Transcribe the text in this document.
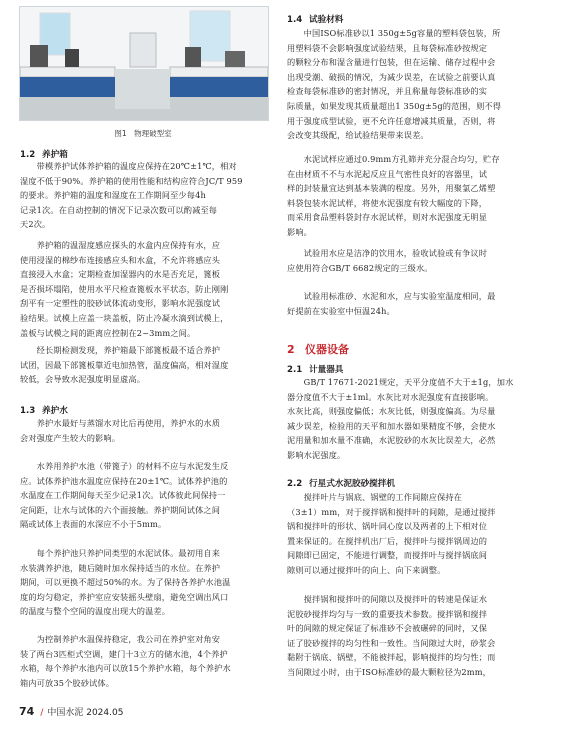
图1　物理破型室
1.2 养护箱
　　带模养护试体养护箱的温度应保持在20℃±1℃，相对
湿度不低于90%。养护箱的使用性能和结构应符合JC/T 959
的要求。养护箱的温度和湿度在工作期间至少每4h
记录1次。在自动控制的情况下记录次数可以酌减至每
天2次。
　　养护箱的温湿度感应探头的水盒内应保持有水，应
使用浸湿的棉纱布连接感应头和水盒，不允许将感应头
直接浸入水盒；定期检查加湿器内的水是否充足，篦板
是否损坏塌陷，使用水平尺检查篦板水平状态，防止刚刚
刮平有一定塑性的胶砂试体流动变形，影响水泥强度试
验结果。试模上应盖一块盖板，防止冷凝水滴到试模上，
盖板与试模之间的距离应控制在2~3mm之间。
　　经长期检测发现，养护箱最下部篦板最不适合养护
试团，因最下部篦板靠近电加热管，温度偏高，相对湿度
较低，会导致水泥强度明显虚高。
1.3 养护水
　　养护水最好与蒸馏水对比后再使用，养护水的水质
会对强度产生较大的影响。
　　水养用养护水池（带篦子）的材料不应与水泥发生反
应。试体养护池水温度应保持在20±1℃。试体养护池的
水温度在工作期间每天至少记录1次。试体彼此间保持一
定间距，让水与试体的六个面接触。养护期间试体之间
隔或试体上表面的水深应不小于5mm。
　　每个养护池只养护同类型的水泥试体。最初用自来
水装满养护池，随后随时加水保持适当的水位。在养护
期间，可以更换不超过50%的水。为了保持各养护水池温
度的均匀稳定，养护室应安装摇头壁扇，避免空调出风口
的温度与整个空间的温度出现大的温差。
　　为控制养护水温保持稳定，我公司在养护室对角安
装了两台3匹柜式空调，建门十3立方的储水池，4个养护
水箱，每个养护水池内可以放15个养护水箱，每个养护水
箱内可放35个胶砂试体。
1.4 试验材料
　　中国ISO标准砂以1 350g±5g容量的塑料袋包装，所
用塑料袋不会影响强度试验结果，且每袋标准砂按规定
的颗粒分布和湿含量进行包装，但在运输、储存过程中会
出现受潮、破损的情况，为减少误差，在试验之前要认真
检查每袋标准砂的密封情况，并且称量每袋标准砂的实
际质量，如果发现其质量超出1 350g±5g的范围，则不得
用于强度成型试验，更不允许任意增减其质量，否则，将
会改变其级配，给试验结果带来误差。
　　水泥试样应通过0.9mm方孔筛并充分混合均匀，贮存
在由材质不不与水泥起反应且气密性良好的容器里，试
样的封装量宜达到基本装满的程度。另外，用聚氯乙烯塑
料袋包装水泥试样，将使水泥强度有较大幅度的下降，
而采用食品塑料袋封存水泥试样，则对水泥强度无明显
影响。
　　试验用水应是洁净的饮用水，验收试验或有争议时
应使用符合GB/T 6682规定的三级水。
　　试验用标准砂、水泥和水，应与实验室温度相同，最
好提前在实验室中恒温24h。
2 仪器设备
2.1 计量器具
　　GB/T 17671-2021规定，天平分度值不大于±1g，加水
器分度值不大于±1ml。水灰比对水泥强度有直接影响。
水灰比高，则强度偏低；水灰比低，则强度偏高。为尽量
减少误差，检验用的天平和加水器如果精度不够，会使水
泥用量和加水量不准确，水泥胶砂的水灰比误差大，必然
影响水泥强度。
2.2 行星式水泥胶砂搅拌机
　　搅拌叶片与锅底、锅壁的工作间隙应保持在
（3±1）mm，对于搅拌锅和搅拌叶的间隙，是通过搅拌
锅和搅拌叶的形状、锅叶同心度以及两者的上下相对位
置来保证的。在搅拌机出厂后，搅拌叶与搅拌锅周边的
间隙即已固定，不能进行调整，而搅拌叶与搅拌锅底间
隙则可以通过搅拌叶的向上、向下来调整。
　　搅拌锅和搅拌叶的间隙以及搅拌叶的转速是保证水
泥胶砂搅拌均匀与一致的重要技术参数。搅拌锅和搅拌
叶的间隙的规定保证了标准砂不会被碾碎的同时，又保
证了胶砂搅拌的均匀性和一致性。当间隙过大时，砂浆会
黏附于锅底、锅壁，不能被拌起，影响搅拌的均匀性；而
当间隙过小时，由于ISO标准砂的最大颗粒径为2mm，
74 / 中国水泥 2024.05
